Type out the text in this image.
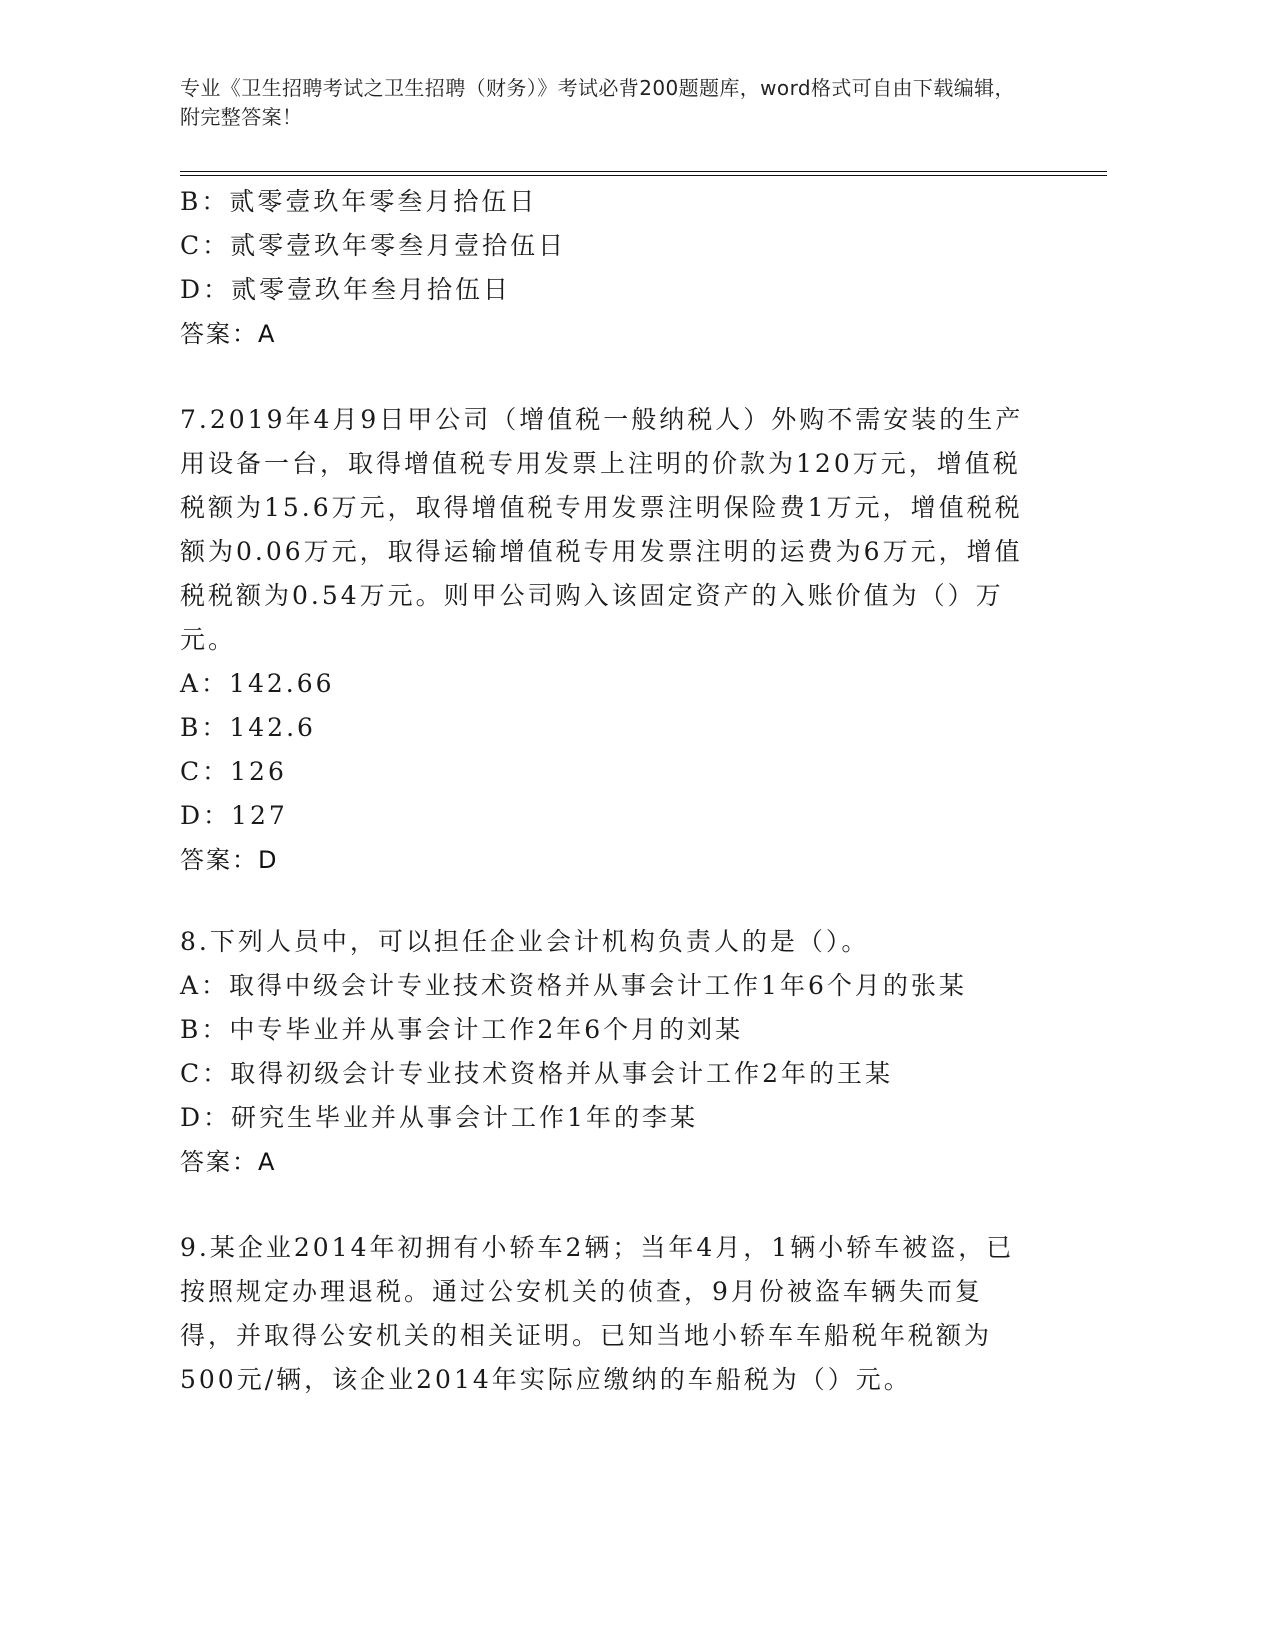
专业《卫生招聘考试之卫生招聘（财务）》考试必背200题题库，word格式可自由下载编辑，附完整答案！
B：贰零壹玖年零叁月拾伍日
C：贰零壹玖年零叁月壹拾伍日
D：贰零壹玖年叁月拾伍日
答案：A
7.2019年4月9日甲公司（增值税一般纳税人）外购不需安装的生产用设备一台，取得增值税专用发票上注明的价款为120万元，增值税税额为15.6万元，取得增值税专用发票注明保险费1万元，增值税税额为0.06万元，取得运输增值税专用发票注明的运费为6万元，增值税税额为0.54万元。则甲公司购入该固定资产的入账价值为（）万元。
A：142.66
B：142.6
C：126
D：127
答案：D
8.下列人员中，可以担任企业会计机构负责人的是（）。
A：取得中级会计专业技术资格并从事会计工作1年6个月的张某
B：中专毕业并从事会计工作2年6个月的刘某
C：取得初级会计专业技术资格并从事会计工作2年的王某
D：研究生毕业并从事会计工作1年的李某
答案：A
9.某企业2014年初拥有小轿车2辆；当年4月，1辆小轿车被盗，已按照规定办理退税。通过公安机关的侦查，9月份被盗车辆失而复得，并取得公安机关的相关证明。已知当地小轿车车船税年税额为500元/辆，该企业2014年实际应缴纳的车船税为（）元。
